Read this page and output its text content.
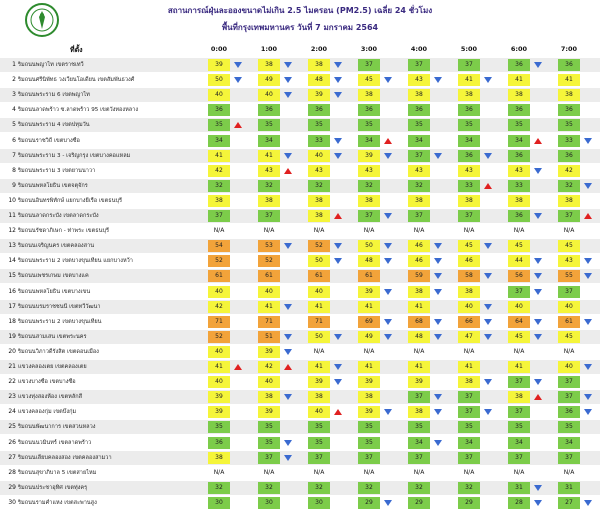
สถานการณ์ฝุ่นละอองขนาดไม่เกิน 2.5 ไมครอน (PM2.5) เฉลี่ย 24 ชั่วโมง
พื้นที่กรุงเทพมหานคร วันที่ 7 มกราคม 2564
ที่ตั้ง	0:00	1:00	2:00	3:00	4:00	5:00	6:00	7:00
1 ริมถนนพญาไท เขตราชเทวี	39	38	38	37	37	37	36	36
2 ริมถนนศรีนิพัทธ วงเวียนโอเดียน เขตสัมพันธวงศ์	50	49	48	45	43	41	41	41
3 ริมถนนพระราม 6 เขตพญาไท	40	40	39	38	38	38	38	38
4 ริมถนนลาดพร้าว ซ.ลาดพร้าว 95 เขตวังทองหลาง	36	36	36	36	36	36	36	36
5 ริมถนนพระราม 4 เขตปทุมวัน	35	35	35	35	35	35	35	35
6 ริมถนนราชวิถี เขตบางซื่อ	34	34	33	34	34	34	34	33
7 ริมถนนพระราม 3 - เจริญกรุง เขตบางคอแหลม	41	41	40	39	37	36	36	36
8 ริมถนนพระราม 3 เขตยานนาวา	42	43	43	43	43	43	43	42
9 ริมถนนพหลโยธิน เขตจตุจักร	32	32	32	32	32	33	33	32
10 ริมถนนอินทรพิทักษ์ แยกบางยี่เรือ เขตธนบุรี	38	38	38	38	38	38	38	38
11 ริมถนนลาดกระบัง เขตลาดกระบัง	37	37	38	37	37	37	36	37
12 ริมถนนรัชดาภิเษก - ท่าพระ เขตธนบุรี	N/A	N/A	N/A	N/A	N/A	N/A	N/A	N/A
13 ริมถนนเจริญนคร เขตคลองสาน	54	53	52	50	46	45	45	45
14 ริมถนนพระราม 2 เขตบางขุนเทียน แยกบางหว้า	52	52	50	48	46	46	44	43
15 ริมถนนเพชรเกษม เขตบางแค	61	61	61	61	59	58	56	55
16 ริมถนนพหลโยธิน เขตบางเขน	40	40	40	39	38	38	37	37
17 ริมถนนบรมราชชนนี เขตทวีวัฒนา	42	41	41	41	41	40	40	40
18 ริมถนนพระราม 2 เขตบางขุนเทียน	71	71	71	69	68	66	64	61
19 ริมถนนสามเสน เขตพระนคร	52	51	50	49	48	47	45	45
20 ริมถนนวิภาวดีรังสิต เขตดอนเมือง	40	39	N/A	N/A	N/A	N/A	N/A	N/A
21 แขวงคลองเตย เขตคลองเตย	41	42	41	41	41	41	41	40
22 แขวงบางซื่อ เขตบางซื่อ	40	40	39	39	39	38	37	37
23 แขวงทุ่งสองห้อง เขตหลักสี่	39	38	38	38	37	37	38	37
24 แขวงคลองกุ่ม เขตบึงกุ่ม	39	39	40	39	38	37	37	36
25 ริมถนนพัฒนาการ เขตสวนหลวง	35	35	35	35	35	35	35	35
26 ริมถนนนวมินทร์ เขตลาดพร้าว	36	35	35	35	34	34	34	34
27 ริมถนนเลียบคลองสอง เขตคลองสามวา	38	37	37	37	37	37	37	37
28 ริมถนนสุขาภิบาล 5 เขตสายไหม	N/A	N/A	N/A	N/A	N/A	N/A	N/A	N/A
29 ริมถนนประชาอุทิศ เขตทุ่งครุ	32	32	32	32	32	32	31	31
30 ริมถนนรามคำแหง เขตสะพานสูง	30	30	30	29	29	29	28	27
